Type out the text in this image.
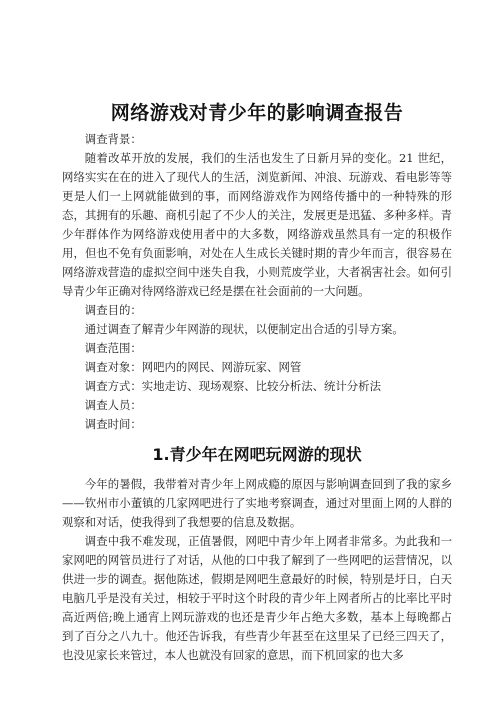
网络游戏对青少年的影响调查报告

调查背景：

随着改革开放的发展，我们的生活也发生了日新月异的变化。21 世纪，网络实实在在的进入了现代人的生活，浏览新闻、冲浪、玩游戏、看电影等等更是人们一上网就能做到的事，而网络游戏作为网络传播中的一种特殊的形态，其拥有的乐趣、商机引起了不少人的关注，发展更是迅猛、多种多样。青少年群体作为网络游戏使用者中的大多数，网络游戏虽然具有一定的积极作用，但也不免有负面影响，对处在人生成长关键时期的青少年而言，很容易在网络游戏营造的虚拟空间中迷失自我，小则荒废学业，大者祸害社会。如何引导青少年正确对待网络游戏已经是摆在社会面前的一大问题。

调查目的：

通过调查了解青少年网游的现状，以便制定出合适的引导方案。

调查范围：

调查对象：网吧内的网民、网游玩家、网管

调查方式：实地走访、现场观察、比较分析法、统计分析法

调查人员：

调查时间：

1.青少年在网吧玩网游的现状

今年的暑假，我带着对青少年上网成瘾的原因与影响调查回到了我的家乡——钦州市小董镇的几家网吧进行了实地考察调查，通过对里面上网的人群的观察和对话，使我得到了我想要的信息及数据。

调查中我不难发现，正值暑假，网吧中青少年上网者非常多。为此我和一家网吧的网管员进行了对话，从他的口中我了解到了一些网吧的运营情况，以供进一步的调查。据他陈述，假期是网吧生意最好的时候，特别是圩日，白天电脑几乎是没有关过，相较于平时这个时段的青少年上网者所占的比率比平时高近两倍;晚上通宵上网玩游戏的也还是青少年占绝大多数，基本上每晚都占到了百分之八九十。他还告诉我，有些青少年甚至在这里呆了已经三四天了，也没见家长来管过，本人也就没有回家的意思，而下机回家的也大多
